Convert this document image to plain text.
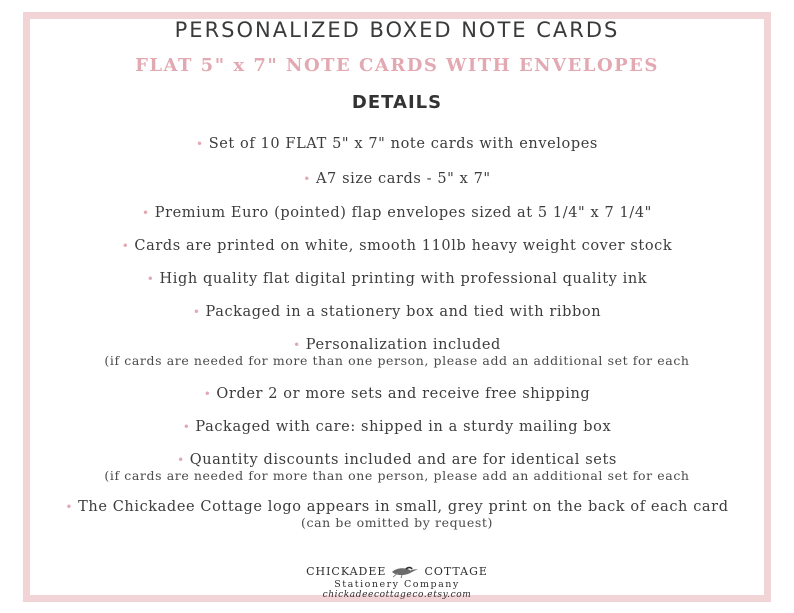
PERSONALIZED BOXED NOTE CARDS
FLAT 5" x 7" NOTE CARDS WITH ENVELOPES
DETAILS
• Set of 10 FLAT 5" x 7" note cards with envelopes
• A7 size cards - 5" x 7"
• Premium Euro (pointed) flap envelopes sized at 5 1/4" x 7 1/4"
• Cards are printed on white, smooth 110lb heavy weight cover stock
• High quality flat digital printing with professional quality ink
• Packaged in a stationery box and tied with ribbon
• Personalization included
(if cards are needed for more than one person, please add an additional set for each
• Order 2 or more sets and receive free shipping
• Packaged with care: shipped in a sturdy mailing box
• Quantity discounts included and are for identical sets
(if cards are needed for more than one person, please add an additional set for each
• The Chickadee Cottage logo appears in small, grey print on the back of each card
(can be omitted by request)
CHICKADEE	COTTAGE
Stationery Company
chickadeecottageco.etsy.com
